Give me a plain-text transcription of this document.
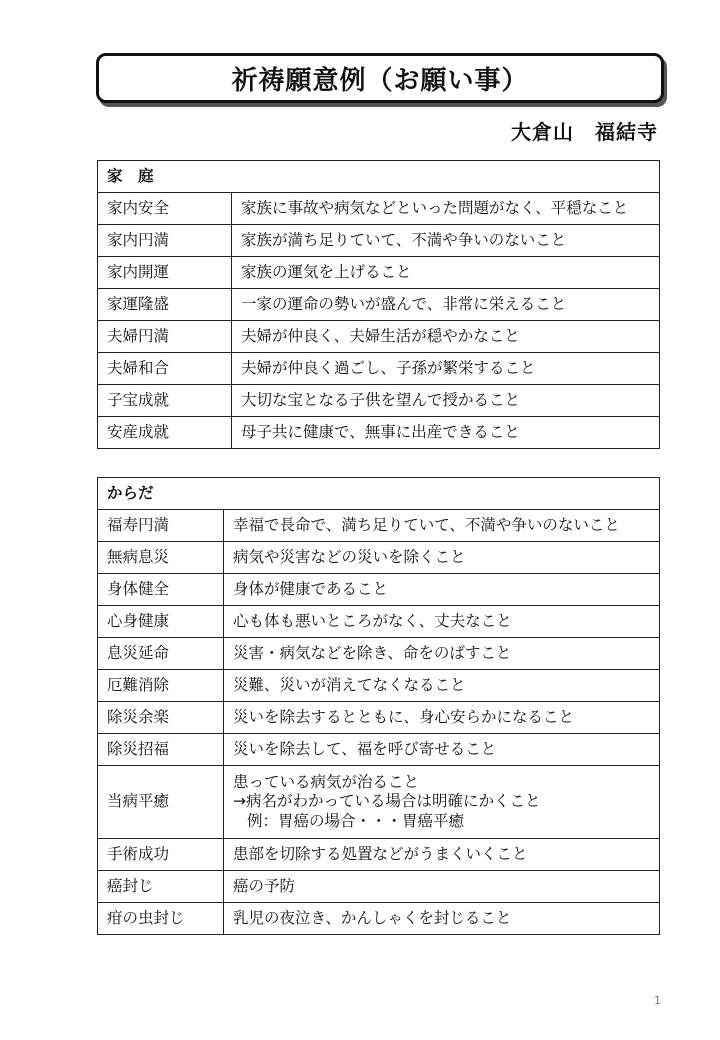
祈祷願意例（お願い事）
大倉山　福結寺
家　庭	
家内安全	家族に事故や病気などといった問題がなく、平穏なこと
家内円満	家族が満ち足りていて、不満や争いのないこと
家内開運	家族の運気を上げること
家運隆盛	一家の運命の勢いが盛んで、非常に栄えること
夫婦円満	夫婦が仲良く、夫婦生活が穏やかなこと
夫婦和合	夫婦が仲良く過ごし、子孫が繁栄すること
子宝成就	大切な宝となる子供を望んで授かること
安産成就	母子共に健康で、無事に出産できること
からだ	
福寿円満	幸福で長命で、満ち足りていて、不満や争いのないこと
無病息災	病気や災害などの災いを除くこと
身体健全	身体が健康であること
心身健康	心も体も悪いところがなく、丈夫なこと
息災延命	災害・病気などを除き、命をのばすこと
厄難消除	災難、災いが消えてなくなること
除災余楽	災いを除去するとともに、身心安らかになること
除災招福	災いを除去して、福を呼び寄せること
当病平癒	患っている病気が治ること
→病名がわかっている場合は明確にかくこと
例：胃癌の場合・・・胃癌平癒

手術成功	患部を切除する処置などがうまくいくこと
癌封じ	癌の予防
疳の虫封じ	乳児の夜泣き、かんしゃくを封じること
1
